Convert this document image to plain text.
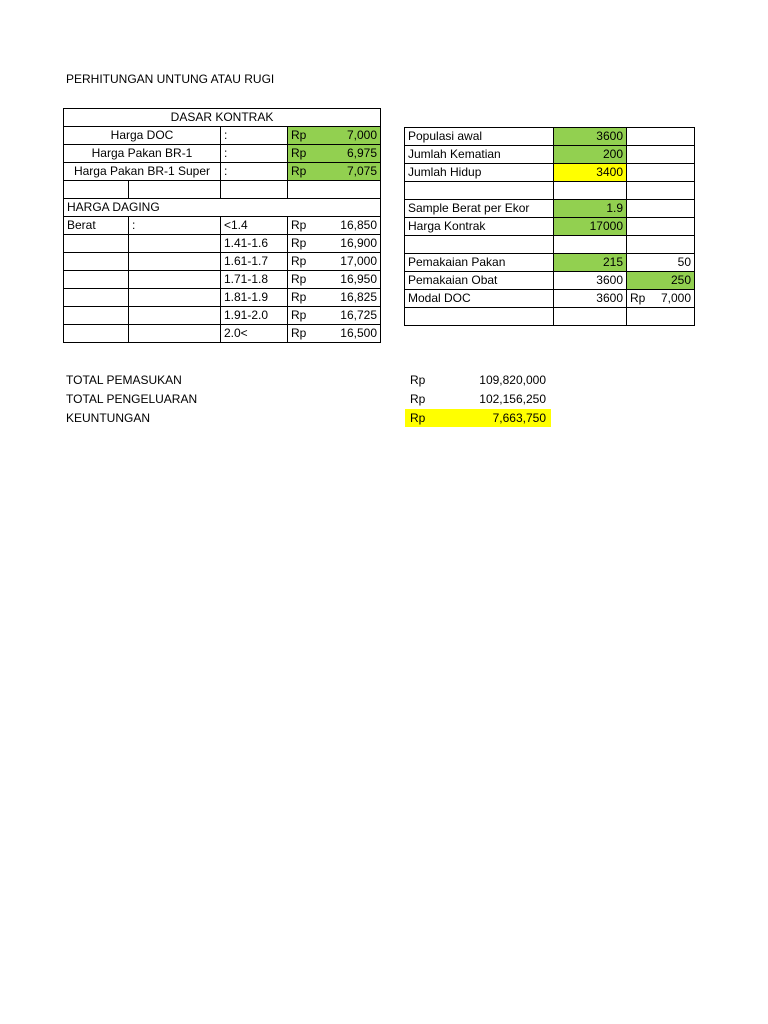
PERHITUNGAN UNTUNG ATAU RUGI
DASAR KONTRAK			
Harga DOC		:	Rp 7,000

Harga Pakan BR-1		:	Rp 6,975

Harga Pakan BR-1 Super		:	Rp 7,075

HARGA DAGING			
Berat	:	<1.4	Rp 16,850

		1.41-1.6	Rp 16,900

		1.61-1.7	Rp 17,000

		1.71-1.8	Rp 16,950

		1.81-1.9	Rp 16,825

		1.91-2.0	Rp 16,725

		2.0<	Rp 16,500
Populasi awal	3600	
Jumlah Kematian	200	
Jumlah Hidup	3400	

Sample Berat per Ekor	1.9	
Harga Kontrak	17000	

Pemakaian Pakan	215	50
Pemakaian Obat	3600	250
Modal DOC	3600	Rp 7,000

TOTAL PEMASUKAN	Rp	109,820,000
TOTAL PENGELUARAN	Rp	102,156,250
KEUNTUNGAN	Rp	7,663,750
